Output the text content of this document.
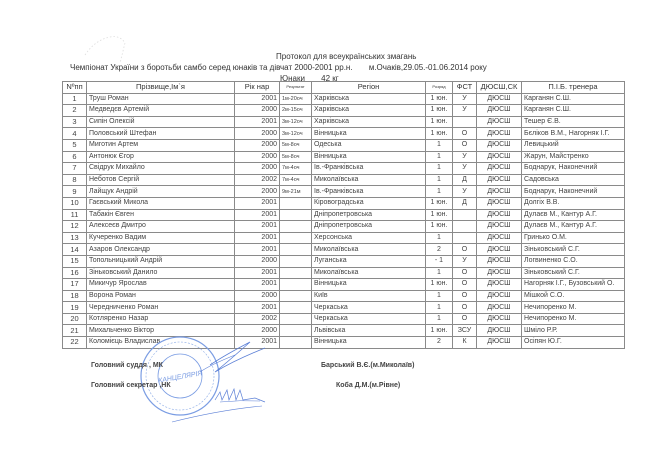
Протокол для всеукраїнських змагань
Чемпіонат України з боротьби самбо серед юнаків та дівчат 2000-2001 рр.н. м.Очаків,29.05.-01.06.2014 року
Юнаки 42 кг
Nºпп	Прізвище,Ім`я	Рік нар	Результат	Регіон	Розряд	ФСТ	ДЮСШ,СК	П.І.Б. тренера
1	Труш Роман	2001	1м-20оч	Харківська	1 юн.	У	ДЮСШ	Карганян С.Ш.
2	Медведєв Артемій	2000	2м-15оч	Харківська	1 юн.	У	ДЮСШ	Карганян С.Ш.
3	Сипін Олексій	2001	3м-12оч	Харківська	1 юн.		ДЮСШ	Тешер Є.В.
4	Половський Штефан	2000	3м-12оч	Вінницька	1 юн.	О	ДЮСШ	Бєліков В.М., Нагорняк І.Г.
5	Миготин Артем	2000	5м-8оч	Одеська	1	О	ДЮСШ	Левицький
6	Антонюк Єгор	2000	5м-8оч	Вінницька	1	У	ДЮСШ	Жарун, Майстренко
7	Свідрук Михайло	2000	7м-4оч	Ів.-Франківська	1	У	ДЮСШ	Боднарук, Наконечний
8	Неботов Сергій	2002	7м-4оч	Миколаївська	1	Д	ДЮСШ	Садовська
9	Лайщук Андрій	2000	9м-21м	Ів.-Франківська	1	У	ДЮСШ	Боднарук, Наконечний
10	Гаєвський Микола	2001		Кіровоградська	1 юн.	Д	ДЮСШ	Долгіх В.В.
11	Табакін Євген	2001		Дніпропетровська	1 юн.		ДЮСШ	Дулаєв М., Кантур А.Г.
12	Алексеєв Дмитро	2001		Дніпропетровська	1 юн.		ДЮСШ	Дулаєв М., Кантур А.Г.
13	Кучеренко Вадим	2001		Херсонська	1		ДЮСШ	Гринько О.М.
14	Азаров Олександр	2001		Миколаївська	2	О	ДЮСШ	Зіньковський С.Г.
15	Топольницький Андрій	2000		Луганська	- 1	У	ДЮСШ	Логвиненко С.О.
16	Зіньковський Данило	2001		Миколаївська	1	О	ДЮСШ	Зіньковський С.Г.
17	Микичур Ярослав	2001		Вінницька	1 юн.	О	ДЮСШ	Нагорняк І.Г., Бузовський О.
18	Ворона Роман	2000		Київ	1	О	ДЮСШ	Мішкой С.О.
19	Чередниченко Роман	2001		Черкаська	1	О	ДЮСШ	Нечипоренко М.
20	Котляренко Назар	2002		Черкаська	1	О	ДЮСШ	Нечипоренко М.
21	Михальченко Віктор	2000		Львівська	1 юн.	ЗСУ	ДЮСШ	Шміло Р.Р.
22	Коломієць Владислав	2001		Вінницька	2	К	ДЮСШ	Осіпян Ю.Г.
КАНЦЕЛЯРІЯ
Головний суддя , МК	Барський В.Є.(м.Миколаїв)
Головний секретар ,НК	Коба Д.М.(м.Рівне)
